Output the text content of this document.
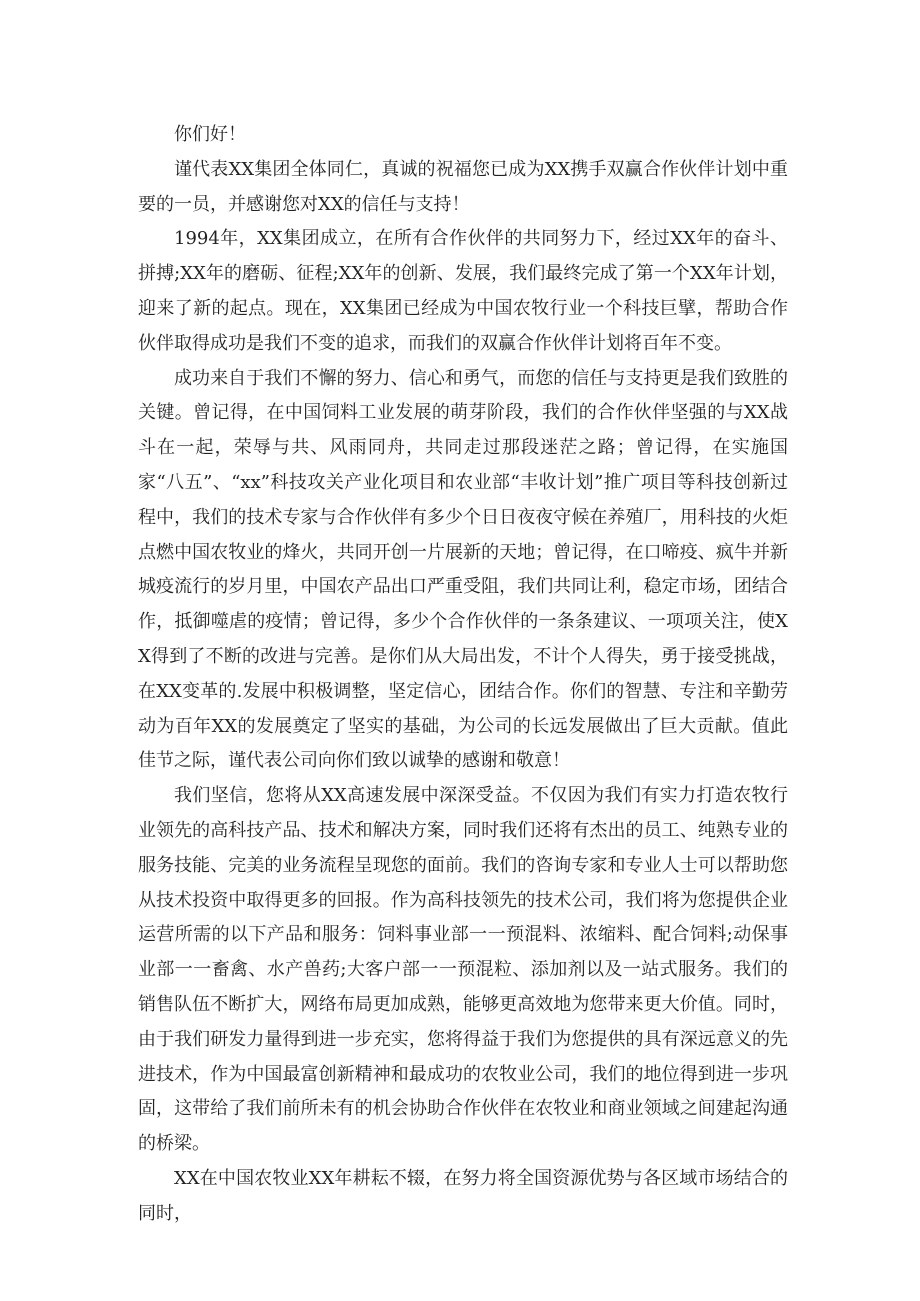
你们好！

谨代表XX集团全体同仁，真诚的祝福您已成为XX携手双赢合作伙伴计划中重要的一员，并感谢您对XX的信任与支持！

1994年，XX集团成立，在所有合作伙伴的共同努力下，经过XX年的奋斗、拼搏;XX年的磨砺、征程;XX年的创新、发展，我们最终完成了第一个XX年计划，迎来了新的起点。现在，XX集团已经成为中国农牧行业一个科技巨擘，帮助合作伙伴取得成功是我们不变的追求，而我们的双赢合作伙伴计划将百年不变。

成功来自于我们不懈的努力、信心和勇气，而您的信任与支持更是我们致胜的关键。曾记得，在中国饲料工业发展的萌芽阶段，我们的合作伙伴坚强的与XX战斗在一起，荣辱与共、风雨同舟，共同走过那段迷茫之路；曾记得，在实施国家“八五”、“xx”科技攻关产业化项目和农业部“丰收计划”推广项目等科技创新过程中，我们的技术专家与合作伙伴有多少个日日夜夜守候在养殖厂，用科技的火炬点燃中国农牧业的烽火，共同开创一片展新的天地；曾记得，在口啼疫、疯牛并新城疫流行的岁月里，中国农产品出口严重受阻，我们共同让利，稳定市场，团结合作，抵御噬虐的疫情；曾记得，多少个合作伙伴的一条条建议、一项项关注，使XX得到了不断的改进与完善。是你们从大局出发，不计个人得失，勇于接受挑战，在XX变革的.发展中积极调整，坚定信心，团结合作。你们的智慧、专注和辛勤劳动为百年XX的发展奠定了坚实的基础，为公司的长远发展做出了巨大贡献。值此佳节之际，谨代表公司向你们致以诚挚的感谢和敬意！

我们坚信，您将从XX高速发展中深深受益。不仅因为我们有实力打造农牧行业领先的高科技产品、技术和解决方案，同时我们还将有杰出的员工、纯熟专业的服务技能、完美的业务流程呈现您的面前。我们的咨询专家和专业人士可以帮助您从技术投资中取得更多的回报。作为高科技领先的技术公司，我们将为您提供企业运营所需的以下产品和服务：饲料事业部一一预混料、浓缩料、配合饲料;动保事业部一一畜禽、水产兽药;大客户部一一预混粒、添加剂以及一站式服务。我们的销售队伍不断扩大，网络布局更加成熟，能够更高效地为您带来更大价值。同时，由于我们研发力量得到进一步充实，您将得益于我们为您提供的具有深远意义的先进技术，作为中国最富创新精神和最成功的农牧业公司，我们的地位得到进一步巩固，这带给了我们前所未有的机会协助合作伙伴在农牧业和商业领域之间建起沟通的桥梁。

XX在中国农牧业XX年耕耘不辍，在努力将全国资源优势与各区域市场结合的同时，
